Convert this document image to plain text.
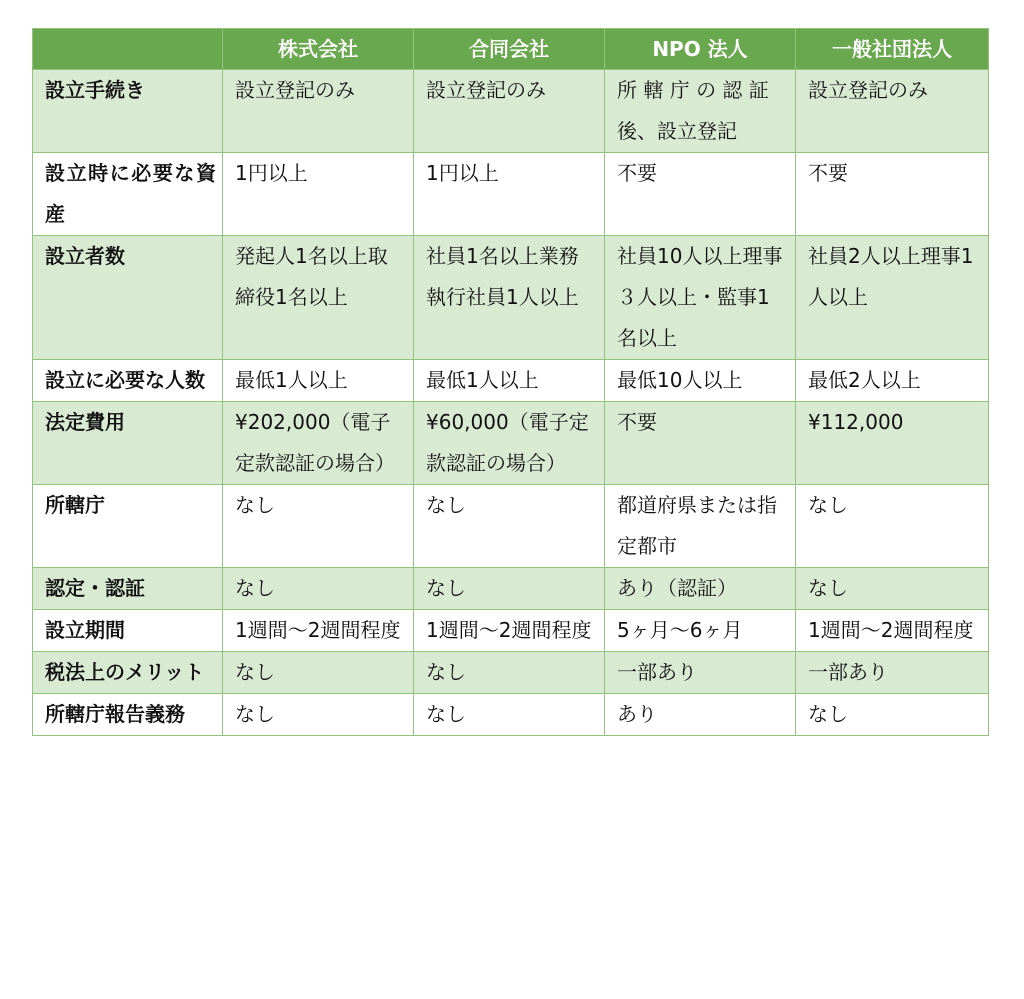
	株式会社	合同会社	NPO 法人	一般社団法人
設立手続き	設立登記のみ	設立登記のみ	所 轄 庁 の 認 証後、設立登記	設立登記のみ
設立時に必要な資産	1円以上	1円以上	不要	不要
設立者数	発起人1名以上取締役1名以上	社員1名以上業務執行社員1人以上	社員10人以上理事３人以上・監事1名以上	社員2人以上理事1人以上
設立に必要な人数	最低1人以上	最低1人以上	最低10人以上	最低2人以上
法定費用	¥202,000（電子定款認証の場合）	¥60,000（電子定款認証の場合）	不要	¥112,000
所轄庁	なし	なし	都道府県または指定都市	なし
認定・認証	なし	なし	あり（認証）	なし
設立期間	1週間～2週間程度	1週間～2週間程度	5ヶ月～6ヶ月	1週間～2週間程度
税法上のメリット	なし	なし	一部あり	一部あり
所轄庁報告義務	なし	なし	あり	なし
